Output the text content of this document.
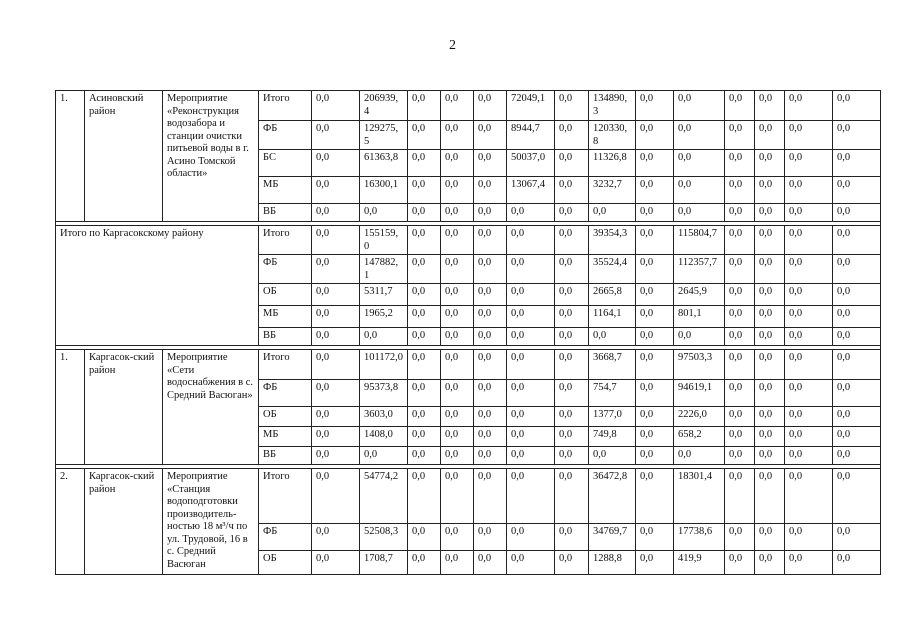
2
1.	Асиновский район	Мероприятие «Реконструкция водозабора и станции очистки питьевой воды в г. Асино Томской области»	Итого	0,0	206939,4	0,0	0,0	0,0	72049,1	0,0	134890,3	0,0	0,0	0,0	0,0	0,0	0,0
			ФБ	0,0	129275,5	0,0	0,0	0,0	8944,7	0,0	120330,8	0,0	0,0	0,0	0,0	0,0	0,0
			БС	0,0	61363,8	0,0	0,0	0,0	50037,0	0,0	11326,8	0,0	0,0	0,0	0,0	0,0	0,0
			МБ	0,0	16300,1	0,0	0,0	0,0	13067,4	0,0	3232,7	0,0	0,0	0,0	0,0	0,0	0,0
			ВБ	0,0	0,0	0,0	0,0	0,0	0,0	0,0	0,0	0,0	0,0	0,0	0,0	0,0	0,0

Итого по Каргасокскому району			Итого	0,0	155159,0	0,0	0,0	0,0	0,0	0,0	39354,3	0,0	115804,7	0,0	0,0	0,0	0,0
			ФБ	0,0	147882,1	0,0	0,0	0,0	0,0	0,0	35524,4	0,0	112357,7	0,0	0,0	0,0	0,0
			ОБ	0,0	5311,7	0,0	0,0	0,0	0,0	0,0	2665,8	0,0	2645,9	0,0	0,0	0,0	0,0
			МБ	0,0	1965,2	0,0	0,0	0,0	0,0	0,0	1164,1	0,0	801,1	0,0	0,0	0,0	0,0
			ВБ	0,0	0,0	0,0	0,0	0,0	0,0	0,0	0,0	0,0	0,0	0,0	0,0	0,0	0,0

1.	Каргасок-ский район	Мероприятие «Сети водоснабжения в с. Средний Васюган»	Итого	0,0	101172,0	0,0	0,0	0,0	0,0	0,0	3668,7	0,0	97503,3	0,0	0,0	0,0	0,0
			ФБ	0,0	95373,8	0,0	0,0	0,0	0,0	0,0	754,7	0,0	94619,1	0,0	0,0	0,0	0,0
			ОБ	0,0	3603,0	0,0	0,0	0,0	0,0	0,0	1377,0	0,0	2226,0	0,0	0,0	0,0	0,0
			МБ	0,0	1408,0	0,0	0,0	0,0	0,0	0,0	749,8	0,0	658,2	0,0	0,0	0,0	0,0
			ВБ	0,0	0,0	0,0	0,0	0,0	0,0	0,0	0,0	0,0	0,0	0,0	0,0	0,0	0,0

2.	Каргасок-ский район	Мероприятие «Станция водоподготовки производитель-ностью 18 м³/ч по ул. Трудовой, 16 в с. Средний Васюган	Итого	0,0	54774,2	0,0	0,0	0,0	0,0	0,0	36472,8	0,0	18301,4	0,0	0,0	0,0	0,0
			ФБ	0,0	52508,3	0,0	0,0	0,0	0,0	0,0	34769,7	0,0	17738,6	0,0	0,0	0,0	0,0
			ОБ	0,0	1708,7	0,0	0,0	0,0	0,0	0,0	1288,8	0,0	419,9	0,0	0,0	0,0	0,0
